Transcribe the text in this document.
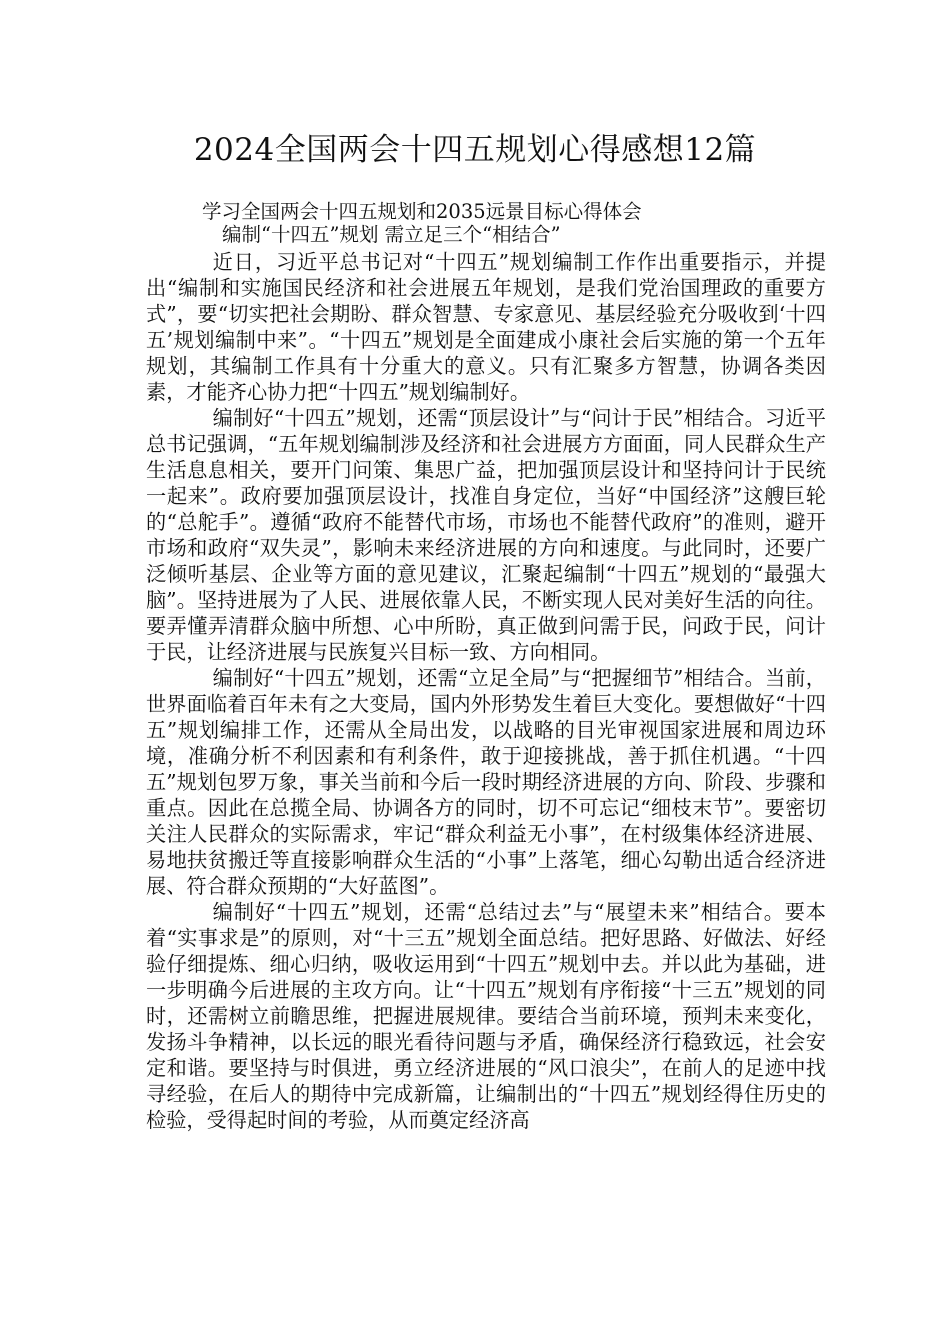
2024全国两会十四五规划心得感想12篇
学习全国两会十四五规划和2035远景目标心得体会
编制“十四五”规划 需立足三个“相结合”

近日，习近平总书记对“十四五”规划编制工作作出重要指示，并提出“编制和实施国民经济和社会进展五年规划，是我们党治国理政的重要方式”，要“切实把社会期盼、群众智慧、专家意见、基层经验充分吸收到‘十四五’规划编制中来”。“十四五”规划是全面建成小康社会后实施的第一个五年规划，其编制工作具有十分重大的意义。只有汇聚多方智慧，协调各类因素，才能齐心协力把“十四五”规划编制好。

编制好“十四五”规划，还需“顶层设计”与“问计于民”相结合。习近平总书记强调，“五年规划编制涉及经济和社会进展方方面面，同人民群众生产生活息息相关，要开门问策、集思广益，把加强顶层设计和坚持问计于民统一起来”。政府要加强顶层设计，找准自身定位，当好“中国经济”这艘巨轮的“总舵手”。遵循“政府不能替代市场，市场也不能替代政府”的准则，避开市场和政府“双失灵”，影响未来经济进展的方向和速度。与此同时，还要广泛倾听基层、企业等方面的意见建议，汇聚起编制“十四五”规划的“最强大脑”。坚持进展为了人民、进展依靠人民，不断实现人民对美好生活的向往。要弄懂弄清群众脑中所想、心中所盼，真正做到问需于民，问政于民，问计于民，让经济进展与民族复兴目标一致、方向相同。

编制好“十四五”规划，还需“立足全局”与“把握细节”相结合。当前，世界面临着百年未有之大变局，国内外形势发生着巨大变化。要想做好“十四五”规划编排工作，还需从全局出发，以战略的目光审视国家进展和周边环境，准确分析不利因素和有利条件，敢于迎接挑战，善于抓住机遇。“十四五”规划包罗万象，事关当前和今后一段时期经济进展的方向、阶段、步骤和重点。因此在总揽全局、协调各方的同时，切不可忘记“细枝末节”。要密切关注人民群众的实际需求，牢记“群众利益无小事”，在村级集体经济进展、易地扶贫搬迁等直接影响群众生活的“小事”上落笔，细心勾勒出适合经济进展、符合群众预期的“大好蓝图”。

编制好“十四五”规划，还需“总结过去”与“展望未来”相结合。要本着“实事求是”的原则，对“十三五”规划全面总结。把好思路、好做法、好经验仔细提炼、细心归纳，吸收运用到“十四五”规划中去。并以此为基础，进一步明确今后进展的主攻方向。让“十四五”规划有序衔接“十三五”规划的同时，还需树立前瞻思维，把握进展规律。要结合当前环境，预判未来变化，发扬斗争精神，以长远的眼光看待问题与矛盾，确保经济行稳致远，社会安定和谐。要坚持与时俱进，勇立经济进展的“风口浪尖”，在前人的足迹中找寻经验，在后人的期待中完成新篇，让编制出的“十四五”规划经得住历史的检验，受得起时间的考验，从而奠定经济高
